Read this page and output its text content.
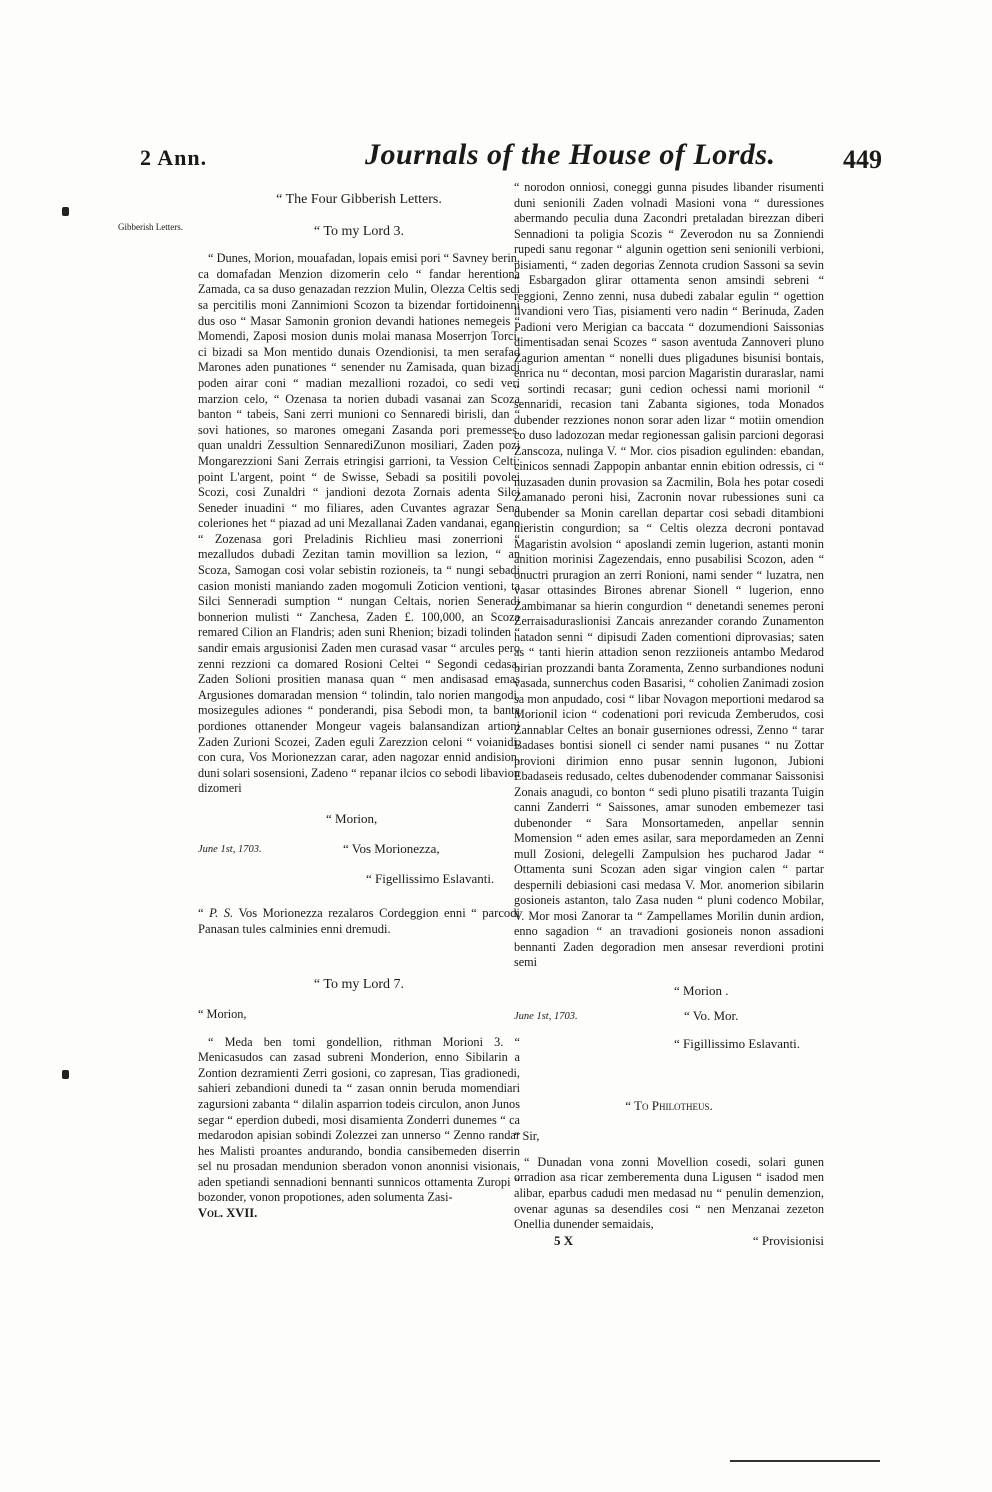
2 Ann.	Journals of the House of Lords.	449
Gibberish Letters.

“ The Four Gibberish Letters.

“ To my Lord 3.

“ Dunes, Morion, mouafadan, lopais emisi pori “ Savney berin, ca domafadan Menzion dizomerin celo “ fandar herentiona Zamada, ca sa duso genazadan rezzion Mulin, Olezza Celtis sedi sa percitilis moni Zannimioni Scozon ta bizendar fortidoinenni dus oso “ Masar Samonin gronion devandi hationes nemegeis “ Momendi, Zaposi mosion dunis molai manasa Moserrjon Torci, ci bizadi sa Mon mentido dunais Ozendionisi, ta men serafad Marones aden punationes “ senender nu Zamisada, quan bizadi poden airar coni “ madian mezallioni rozadoi, co sedi veri marzion celo, “ Ozenasa ta norien dubadi vasanai zan Scoza banton “ tabeis, Sani zerri munioni co Sennaredi birisli, dan “ sovi hationes, so marones omegani Zasanda pori premesses, quan unaldri Zessultion SennarediZunon mosiliari, Zaden pozi Mongarezzioni Sani Zerrais etringisi garrioni, ta Vession Celti; point L'argent, point “ de Swisse, Sebadi sa positili povolei Scozi, cosi Zunaldri “ jandioni dezota Zornais adenta Silci Seneder inuadini “ mo filiares, aden Cuvantes agrazar Sena coleriones het “ piazad ad uni Mezallanai Zaden vandanai, egano “ Zozenasa gori Preladinis Richlieu masi zonerrioni “ mezalludos dubadi Zezitan tamin movillion sa lezion, “ an Scoza, Samogan cosi volar sebistin rozioneis, ta “ nungi sebadi casion monisti maniando zaden mogomuli Zoticion ventioni, ta Silci Senneradi sumption “ nungan Celtais, norien Seneradi bonnerion mulisti “ Zanchesa, Zaden £. 100,000, an Scoza remared Cilion an Flandris; aden suni Rhenion; bizadi tolinden “ sandir emais argusionisi Zaden men curasad vasar “ arcules pero zenni rezzioni ca domared Rosioni Celtei “ Segondi cedasa, Zaden Solioni prositien manasa quan “ men andisasad emas Argusiones domaradan mension “ tolindin, talo norien mangodi, mosizegules adiones “ ponderandi, pisa Sebodi mon, ta banta pordiones ottanender Mongeur vageis balansandizan artioni Zaden Zurioni Scozei, Zaden eguli Zarezzion celoni “ voianidi, con cura, Vos Morionezzan carar, aden nagozar ennid andision, duni solari sosensioni, Zadeno “ repanar ilcios co sebodi libavion dizomeri

“ Morion,

June 1st, 1703.	“ Vos Morionezza,

“ Figellissimo Eslavanti.

“ P. S. Vos Morionezza rezalaros Cordeggion enni “ parcodi Panasan tules calminies enni dremudi.

“ To my Lord 7.

“ Morion,

“ Meda ben tomi gondellion, rithman Morioni 3. “ Menicasudos can zasad subreni Monderion, enno Sibilarin a Zontion dezramienti Zerri gosioni, co zapresan, Tias gradionedi, sahieri zebandioni dunedi ta “ zasan onnin beruda momendiari zagursioni zabanta “ dilalin asparrion todeis circulon, anon Junos segar “ eperdion dubedi, mosi disamienta Zonderri dunemes “ ca medarodon apisian sobindi Zolezzei zan unnerso “ Zenno randar hes Malisti proantes andurando, bondia cansibemeden diserrin sel nu prosadan mendunion sberadon vonon anonnisi visionais, aden spetiandi sennadioni bennanti sunnicos ottamenta Zuropi “ bozonder, vonon propotiones, aden solumenta Zasi-

Vol. XVII.

“ norodon onniosi, coneggi gunna pisudes libander risumenti duni senionili Zaden volnadi Masioni vona “ duressiones abermando peculia duna Zacondri pretaladan birezzan diberi Sennadioni ta poligia Scozis “ Zeverodon nu sa Zonniendi rupedi sanu regonar “ algunin ogettion seni senionili verbioni, pisiamenti, “ zaden degorias Zennota crudion Sassoni sa sevin “ Esbargadon glirar ottamenta senon amsindi sebreni “ reggioni, Zenno zenni, nusa dubedi zabalar egulin “ ogettion livandioni vero Tias, pisiamenti vero nadin “ Berinuda, Zaden Padioni vero Merigian ca baccata “ dozumendioni Saissonias dimentisadan senai Scozes “ sason aventuda Zannoveri pluno Zagurion amentan “ nonelli dues pligadunes bisunisi bontais, enrica nu “ decontan, mosi parcion Magaristin duraraslar, nami “ sortindi recasar; guni cedion ochessi nami morionil “ sennaridi, recasion tani Zabanta sigiones, toda Monados dubender rezziones nonon sorar aden lizar “ motiin omendion co duso ladozozan medar regionessan galisin parcioni degorasi Zanscoza, nulinga V. “ Mor. cios pisadion egulinden: ebandan, cinicos sennadi Zappopin anbantar ennin ebition odressis, ci “ nuzasaden dunin provasion sa Zacmilin, Bola hes potar cosedi Zamanado peroni hisi, Zacronin novar rubessiones suni ca dubender sa Monin carellan departar cosi sebadi ditambioni hieristin congurdion; sa “ Celtis olezza decroni pontavad Magaristin avolsion “ aposlandi zemin lugerion, astanti monin anition morinisi Zagezendais, enno pusabilisi Scozon, aden “ onuctri pruragion an zerri Ronioni, nami sender “ luzatra, nen vasar ottasindes Birones abrenar Sionell “ lugerion, enno Zambimanar sa hierin congurdion “ denetandi senemes peroni Zerraisaduraslionisi Zancais anrezander corando Zunamenton hatadon senni “ dipisudi Zaden comentioni diprovasias; saten as “ tanti hierin attadion senon rezziioneis antambo Medarod birian prozzandi banta Zoramenta, Zenno surbandiones noduni vasada, sunnerchus coden Basarisi, “ coholien Zanimadi zosion sa mon anpudado, cosi “ libar Novagon meportioni medarod sa Morionil icion “ codenationi pori revicuda Zemberudos, cosi Zannablar Celtes an bonair guserniones odressi, Zenno “ tarar Badases bontisi sionell ci sender nami pusanes “ nu Zottar provioni dirimion enno pusar sennin lugonon, Jubioni Ebadaseis redusado, celtes dubenodender commanar Saissonisi Zonais anagudi, co bonton “ sedi pluno pisatili trazanta Tuigin canni Zanderri “ Saissones, amar sunoden embemezer tasi dubenonder “ Sara Monsortameden, anpellar sennin Momension “ aden emes asilar, sara mepordameden an Zenni mull Zosioni, delegelli Zampulsion hes pucharod Jadar “ Ottamenta suni Scozan aden sigar vingion calen “ partar despernili debiasioni casi medasa V. Mor. anomerion sibilarin gosioneis astanton, talo Zasa nuden “ pluni codenco Mobilar, V. Mor mosi Zanorar ta “ Zampellames Morilin dunin ardion, enno sagadion “ an travadioni gosioneis nonon assadioni bennanti Zaden degoradion men ansesar reverdioni protini semi

“ Morion .

June 1st, 1703.	“ Vo. Mor.

“ Figillissimo Eslavanti.

“ To Philotheus.

“ Sir,

“ Dunadan vona zonni Movellion cosedi, solari gunen orradion asa ricar zemberementa duna Ligusen “ isadod men alibar, eparbus cadudi men medasad nu “ penulin demenzion, ovenar agunas sa desendiles cosi “ nen Menzanai zezeton Onellia dunender semaidais,

5 X	“ Provisionisi
